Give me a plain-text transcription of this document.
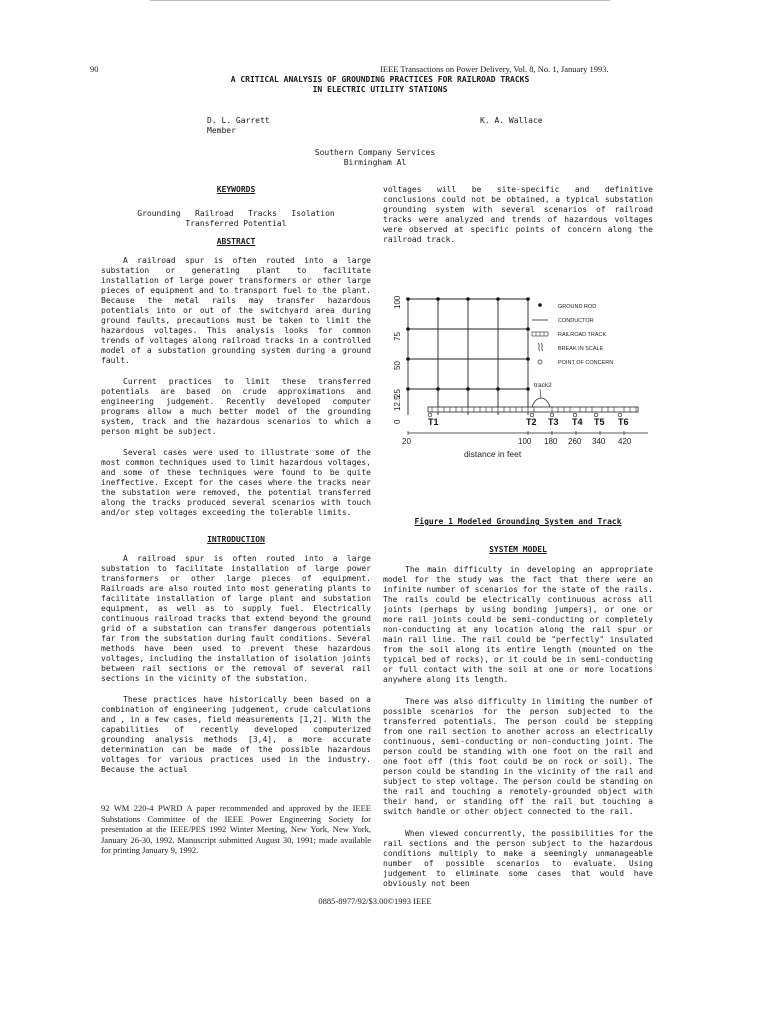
90	IEEE Transactions on Power Delivery, Vol. 8, No. 1, January 1993.
A CRITICAL ANALYSIS OF GROUNDING PRACTICES FOR RAILROAD TRACKS
IN ELECTRIC UTILITY STATIONS
D. L. Garrett
Member
K. A. Wallace
Southern Company Services
Birmingham Al
KEYWORDS
Grounding   Railroad   Tracks   Isolation
Transferred Potential
ABSTRACT
A railroad spur is often routed into a large substation or generating plant to facilitate installation of large power transformers or other large pieces of equipment and to transport fuel to the plant. Because the metal rails may transfer hazardous potentials into or out of the switchyard area during ground faults, precautions must be taken to limit the hazardous voltages. This analysis looks for common trends of voltages along railroad tracks in a controlled model of a substation grounding system during a ground fault.
Current practices to limit these transferred potentials are based on crude approximations and engineering judgement. Recently developed computer programs allow a much better model of the grounding system, track and the hazardous scenarios to which a person might be subject.
Several cases were used to illustrate some of the most common techniques used to limit hazardous voltages, and some of these techniques were found to be quite ineffective. Except for the cases where the tracks near the substation were removed, the potential transferred along the tracks produced several scenarios with touch and/or step voltages exceeding the tolerable limits.
INTRODUCTION
A railroad spur is often routed into a large substation to facilitate installation of large power transformers or other large pieces of equipment. Railroads are also routed into most generating plants to facilitate installation of large plant and substation equipment, as well as to supply fuel. Electrically continuous railroad tracks that extend beyond the ground grid of a substation can transfer dangerous potentials far from the substation during fault conditions. Several methods have been used to prevent these hazardous voltages, including the installation of isolation joints between rail sections or the removal of several rail sections in the vicinity of the substation.
These practices have historically been based on a combination of engineering judgement, crude calculations and , in a few cases, field measurements [1,2]. With the capabilities of recently developed computerized grounding analysis methods [3,4], a more accurate determination can be made of the possible hazardous voltages for various practices used in the industry. Because the actual
92 WM 220-4 PWRD A paper recommended and approved by the IEEE Substations Committee of the IEEE Power Engineering Society for presentation at the IEEE/PES 1992 Winter Meeting, New York, New York, January 26-30, 1992. Manuscript submitted August 30, 1991; made available for printing January 9, 1992.
voltages will be site-specific and definitive conclusions could not be obtained, a typical substation grounding system with several scenarios of railroad tracks were analyzed and trends of hazardous voltages were observed at specific points of concern along the railroad track.
0
12.5
25
50
75
100
track2
T1	T2 T3 T4 T5 T6
20	100 180 260 340 420
distance in feet
GROUND ROD
CONDUCTOR
RAILROAD TRACK
BREAK IN SCALE
POINT OF CONCERN
Figure 1 Modeled Grounding System and Track
SYSTEM MODEL
The main difficulty in developing an appropriate model for the study was the fact that there were an infinite number of scenarios for the state of the rails. The rails could be electrically continuous across all joints (perhaps by using bonding jumpers), or one or more rail joints could be semi-conducting or completely non-conducting at any location along the rail spur or main rail line. The rail could be "perfectly" insulated from the soil along its entire length (mounted on the typical bed of rocks), or it could be in semi-conducting or full contact with the soil at one or more locations anywhere along its length.
There was also difficulty in limiting the number of possible scenarios for the person subjected to the transferred potentials. The person could be stepping from one rail section to another across an electrically continuous, semi-conducting or non-conducting joint. The person could be standing with one foot on the rail and one foot off (this foot could be on rock or soil). The person could be standing in the vicinity of the rail and subject to step voltage. The person could be standing on the rail and touching a remotely-grounded object with their hand, or standing off the rail but touching a switch handle or other object connected to the rail.
When viewed concurrently, the possibilities for the rail sections and the person subject to the hazardous conditions multiply to make a seemingly unmanageable number of possible scenarios to evaluate. Using judgement to eliminate some cases that would have obviously not been
0885-8977/92/$3.00©1993 IEEE
